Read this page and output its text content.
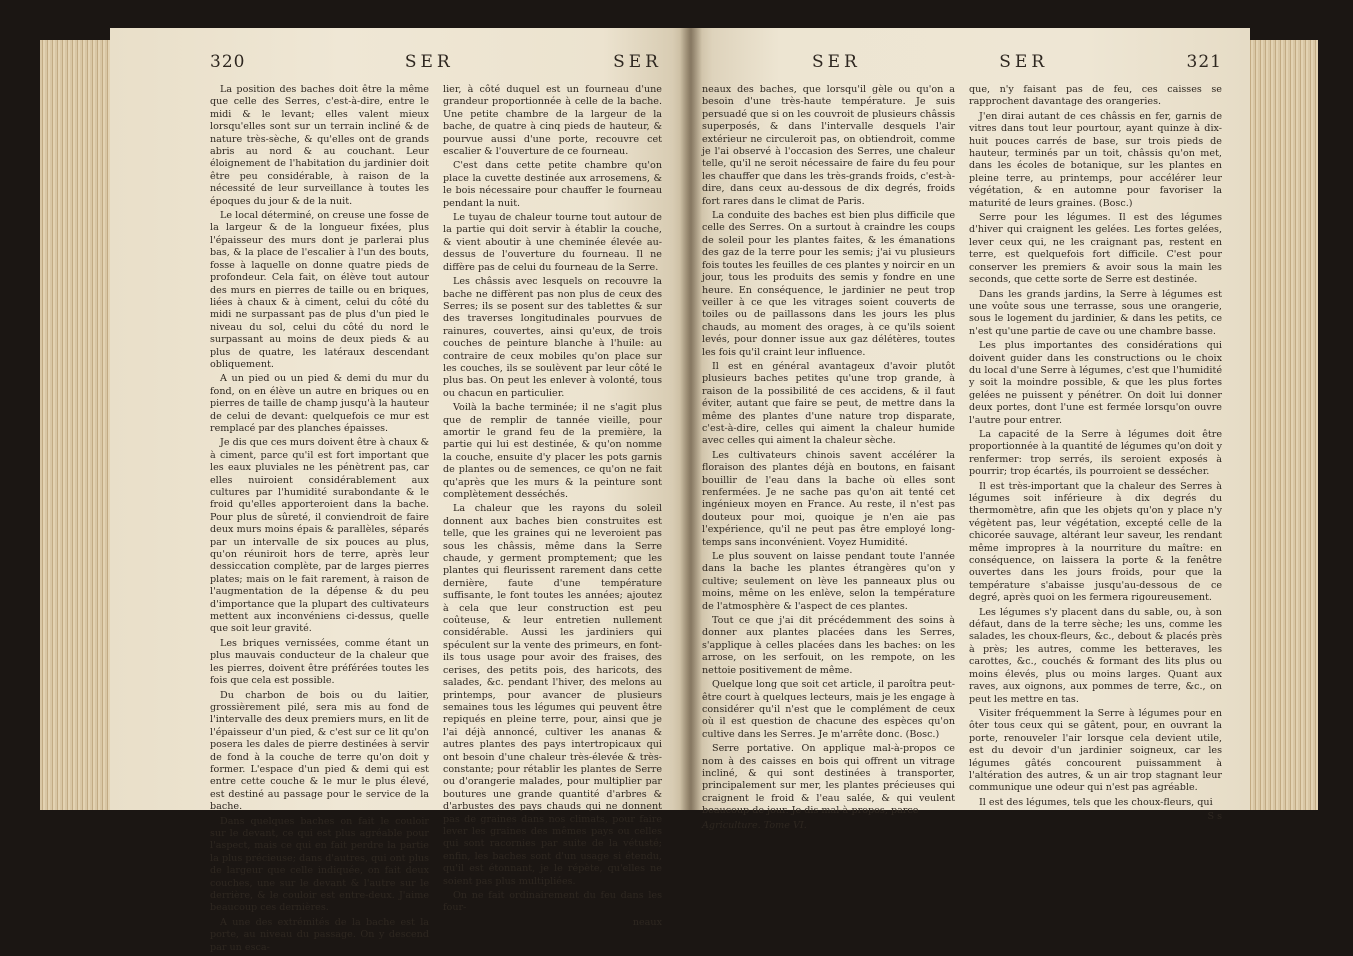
320	SER	SER

La position des baches doit être la même que celle des Serres, c'est-à-dire, entre le midi & le levant; elles valent mieux lorsqu'elles sont sur un terrain incliné & de nature très-sèche, & qu'elles ont de grands abris au nord & au couchant. Leur éloignement de l'habitation du jardinier doit être peu considérable, à raison de la nécessité de leur surveillance à toutes les époques du jour & de la nuit.

Le local déterminé, on creuse une fosse de la largeur & de la longueur fixées, plus l'épaisseur des murs dont je parlerai plus bas, & la place de l'escalier à l'un des bouts, fosse à laquelle on donne quatre pieds de profondeur. Cela fait, on élève tout autour des murs en pierres de taille ou en briques, liées à chaux & à ciment, celui du côté du midi ne surpassant pas de plus d'un pied le niveau du sol, celui du côté du nord le surpassant au moins de deux pieds & au plus de quatre, les latéraux descendant obliquement.

A un pied ou un pied & demi du mur du fond, on en élève un autre en briques ou en pierres de taille de champ jusqu'à la hauteur de celui de devant: quelquefois ce mur est remplacé par des planches épaisses.

Je dis que ces murs doivent être à chaux & à ciment, parce qu'il est fort important que les eaux pluviales ne les pénètrent pas, car elles nuiroient considérablement aux cultures par l'humidité surabondante & le froid qu'elles apporteroient dans la bache. Pour plus de sûreté, il conviendroit de faire deux murs moins épais & parallèles, séparés par un intervalle de six pouces au plus, qu'on réuniroit hors de terre, après leur dessiccation complète, par de larges pierres plates; mais on le fait rarement, à raison de l'augmentation de la dépense & du peu d'importance que la plupart des cultivateurs mettent aux inconvéniens ci-dessus, quelle que soit leur gravité.

Les briques vernissées, comme étant un plus mauvais conducteur de la chaleur que les pierres, doivent être préférées toutes les fois que cela est possible.

Du charbon de bois ou du laitier, grossièrement pilé, sera mis au fond de l'intervalle des deux premiers murs, en lit de l'épaisseur d'un pied, & c'est sur ce lit qu'on posera les dales de pierre destinées à servir de fond à la couche de terre qu'on doit y former. L'espace d'un pied & demi qui est entre cette couche & le mur le plus élevé, est destiné au passage pour le service de la bache.

Dans quelques baches on fait le couloir sur le devant, ce qui est plus agréable pour l'aspect, mais ce qui en fait perdre la partie la plus précieuse; dans d'autres, qui ont plus de largeur que celle indiquée, on fait deux couches, une sur le devant & l'autre sur le derrière, & le couloir est entre-deux. J'aime beaucoup ces dernières.

A une des extrémités de la bache est la porte, au niveau du passage. On y descend par un esca-

lier, à côté duquel est un fourneau d'une grandeur proportionnée à celle de la bache. Une petite chambre de la largeur de la bache, de quatre à cinq pieds de hauteur, & pourvue aussi d'une porte, recouvre cet escalier & l'ouverture de ce fourneau.

C'est dans cette petite chambre qu'on place la cuvette destinée aux arrosemens, & le bois nécessaire pour chauffer le fourneau pendant la nuit.

Le tuyau de chaleur tourne tout autour de la partie qui doit servir à établir la couche, & vient aboutir à une cheminée élevée au-dessus de l'ouverture du fourneau. Il ne diffère pas de celui du fourneau de la Serre.

Les châssis avec lesquels on recouvre la bache ne diffèrent pas non plus de ceux des Serres; ils se posent sur des tablettes & sur des traverses longitudinales pourvues de rainures, couvertes, ainsi qu'eux, de trois couches de peinture blanche à l'huile: au contraire de ceux mobiles qu'on place sur les couches, ils se soulèvent par leur côté le plus bas. On peut les enlever à volonté, tous ou chacun en particulier.

Voilà la bache terminée; il ne s'agit plus que de remplir de tannée vieille, pour amortir le grand feu de la première, la partie qui lui est destinée, & qu'on nomme la couche, ensuite d'y placer les pots garnis de plantes ou de semences, ce qu'on ne fait qu'après que les murs & la peinture sont complètement desséchés.

La chaleur que les rayons du soleil donnent aux baches bien construites est telle, que les graines qui ne leveroient pas sous les châssis, même dans la Serre chaude, y germent promptement; que les plantes qui fleurissent rarement dans cette dernière, faute d'une température suffisante, le font toutes les années; ajoutez à cela que leur construction est peu coûteuse, & leur entretien nullement considérable. Aussi les jardiniers qui spéculent sur la vente des primeurs, en font-ils tous usage pour avoir des fraises, des cerises, des petits pois, des haricots, des salades, &c. pendant l'hiver, des melons au printemps, pour avancer de plusieurs semaines tous les légumes qui peuvent être repiqués en pleine terre, pour, ainsi que je l'ai déjà annoncé, cultiver les ananas & autres plantes des pays intertropicaux qui ont besoin d'une chaleur très-élevée & très-constante; pour rétablir les plantes de Serre ou d'orangerie malades, pour multiplier par boutures une grande quantité d'arbres & d'arbustes des pays chauds qui ne donnent pas de graines dans nos climats, pour faire lever les graines des mêmes pays ou celles qui sont racornies par suite de la vétusté; enfin, les baches sont d'un usage si étendu, qu'il est étonnant, je le répète, qu'elles ne soient pas plus multipliées.

On ne fait ordinairement du feu dans les four-

neaux
SER	SER	321

neaux des baches, que lorsqu'il gèle ou qu'on a besoin d'une très-haute température. Je suis persuadé que si on les couvroit de plusieurs châssis superposés, & dans l'intervalle desquels l'air extérieur ne circuleroit pas, on obtiendroit, comme je l'ai observé à l'occasion des Serres, une chaleur telle, qu'il ne seroit nécessaire de faire du feu pour les chauffer que dans les très-grands froids, c'est-à-dire, dans ceux au-dessous de dix degrés, froids fort rares dans le climat de Paris.

La conduite des baches est bien plus difficile que celle des Serres. On a surtout à craindre les coups de soleil pour les plantes faites, & les émanations des gaz de la terre pour les semis; j'ai vu plusieurs fois toutes les feuilles de ces plantes y noircir en un jour, tous les produits des semis y fondre en une heure. En conséquence, le jardinier ne peut trop veiller à ce que les vitrages soient couverts de toiles ou de paillassons dans les jours les plus chauds, au moment des orages, à ce qu'ils soient levés, pour donner issue aux gaz délétères, toutes les fois qu'il craint leur influence.

Il est en général avantageux d'avoir plutôt plusieurs baches petites qu'une trop grande, à raison de la possibilité de ces accidens, & il faut éviter, autant que faire se peut, de mettre dans la même des plantes d'une nature trop disparate, c'est-à-dire, celles qui aiment la chaleur humide avec celles qui aiment la chaleur sèche.

Les cultivateurs chinois savent accélérer la floraison des plantes déjà en boutons, en faisant bouillir de l'eau dans la bache où elles sont renfermées. Je ne sache pas qu'on ait tenté cet ingénieux moyen en France. Au reste, il n'est pas douteux pour moi, quoique je n'en aie pas l'expérience, qu'il ne peut pas être employé long-temps sans inconvénient. Voyez Humidité.

Le plus souvent on laisse pendant toute l'année dans la bache les plantes étrangères qu'on y cultive; seulement on lève les panneaux plus ou moins, même on les enlève, selon la température de l'atmosphère & l'aspect de ces plantes.

Tout ce que j'ai dit précédemment des soins à donner aux plantes placées dans les Serres, s'applique à celles placées dans les baches: on les arrose, on les serfouit, on les rempote, on les nettoie positivement de même.

Quelque long que soit cet article, il paroîtra peut-être court à quelques lecteurs, mais je les engage à considérer qu'il n'est que le complément de ceux où il est question de chacune des espèces qu'on cultive dans les Serres. Je m'arrête donc. (Bosc.)

Serre portative. On applique mal-à-propos ce nom à des caisses en bois qui offrent un vitrage incliné, & qui sont destinées à transporter, principalement sur mer, les plantes précieuses qui craignent le froid & l'eau salée, & qui veulent beaucoup de jour. Je dis mal-à-propos, parce

Agriculture. Tome VI.

que, n'y faisant pas de feu, ces caisses se rapprochent davantage des orangeries.

J'en dirai autant de ces châssis en fer, garnis de vitres dans tout leur pourtour, ayant quinze à dix-huit pouces carrés de base, sur trois pieds de hauteur, terminés par un toit, châssis qu'on met, dans les écoles de botanique, sur les plantes en pleine terre, au printemps, pour accélérer leur végétation, & en automne pour favoriser la maturité de leurs graines. (Bosc.)

Serre pour les légumes. Il est des légumes d'hiver qui craignent les gelées. Les fortes gelées, lever ceux qui, ne les craignant pas, restent en terre, est quelquefois fort difficile. C'est pour conserver les premiers & avoir sous la main les seconds, que cette sorte de Serre est destinée.

Dans les grands jardins, la Serre à légumes est une voûte sous une terrasse, sous une orangerie, sous le logement du jardinier, & dans les petits, ce n'est qu'une partie de cave ou une chambre basse.

Les plus importantes des considérations qui doivent guider dans les constructions ou le choix du local d'une Serre à légumes, c'est que l'humidité y soit la moindre possible, & que les plus fortes gelées ne puissent y pénétrer. On doit lui donner deux portes, dont l'une est fermée lorsqu'on ouvre l'autre pour entrer.

La capacité de la Serre à légumes doit être proportionnée à la quantité de légumes qu'on doit y renfermer: trop serrés, ils seroient exposés à pourrir; trop écartés, ils pourroient se dessécher.

Il est très-important que la chaleur des Serres à légumes soit inférieure à dix degrés du thermomètre, afin que les objets qu'on y place n'y végètent pas, leur végétation, excepté celle de la chicorée sauvage, altérant leur saveur, les rendant même impropres à la nourriture du maître: en conséquence, on laissera la porte & la fenêtre ouvertes dans les jours froids, pour que la température s'abaisse jusqu'au-dessous de ce degré, après quoi on les fermera rigoureusement.

Les légumes s'y placent dans du sable, ou, à son défaut, dans de la terre sèche; les uns, comme les salades, les choux-fleurs, &c., debout & placés près à près; les autres, comme les betteraves, les carottes, &c., couchés & formant des lits plus ou moins élevés, plus ou moins larges. Quant aux raves, aux oignons, aux pommes de terre, &c., on peut les mettre en tas.

Visiter fréquemment la Serre à légumes pour en ôter tous ceux qui se gâtent, pour, en ouvrant la porte, renouveler l'air lorsque cela devient utile, est du devoir d'un jardinier soigneux, car les légumes gâtés concourent puissamment à l'altération des autres, & un air trop stagnant leur communique une odeur qui n'est pas agréable.

Il est des légumes, tels que les choux-fleurs, qui

S s
